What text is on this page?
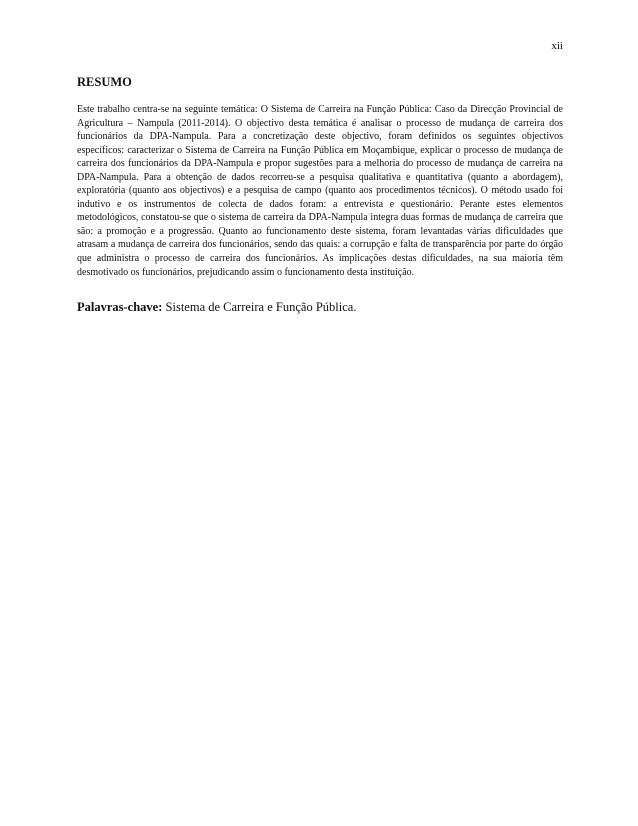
xii
RESUMO

Este trabalho centra-se na seguinte temática: O Sistema de Carreira na Função Pública: Caso da Direcção Provincial de Agricultura – Nampula (2011-2014). O objectivo desta temática é analisar o processo de mudança de carreira dos funcionários da DPA-Nampula. Para a concretização deste objectivo, foram definidos os seguintes objectivos específicos: caracterizar o Sistema de Carreira na Função Pública em Moçambique, explicar o processo de mudança de carreira dos funcionários da DPA-Nampula e propor sugestões para a melhoria do processo de mudança de carreira na DPA-Nampula. Para a obtenção de dados recorreu-se a pesquisa qualitativa e quantitativa (quanto a abordagem), exploratória (quanto aos objectivos) e a pesquisa de campo (quanto aos procedimentos técnicos). O método usado foi indutivo e os instrumentos de colecta de dados foram: a entrevista e questionário. Perante estes elementos metodológicos, constatou-se que o sistema de carreira da DPA-Nampula integra duas formas de mudança de carreira que são: a promoção e a progressão. Quanto ao funcionamento deste sistema, foram levantadas várias dificuldades que atrasam a mudança de carreira dos funcionários, sendo das quais: a corrupção e falta de transparência por parte do órgão que administra o processo de carreira dos funcionários. As implicações destas dificuldades, na sua maioria têm desmotivado os funcionários, prejudicando assim o funcionamento desta instituição.

Palavras-chave: Sistema de Carreira e Função Pública.
